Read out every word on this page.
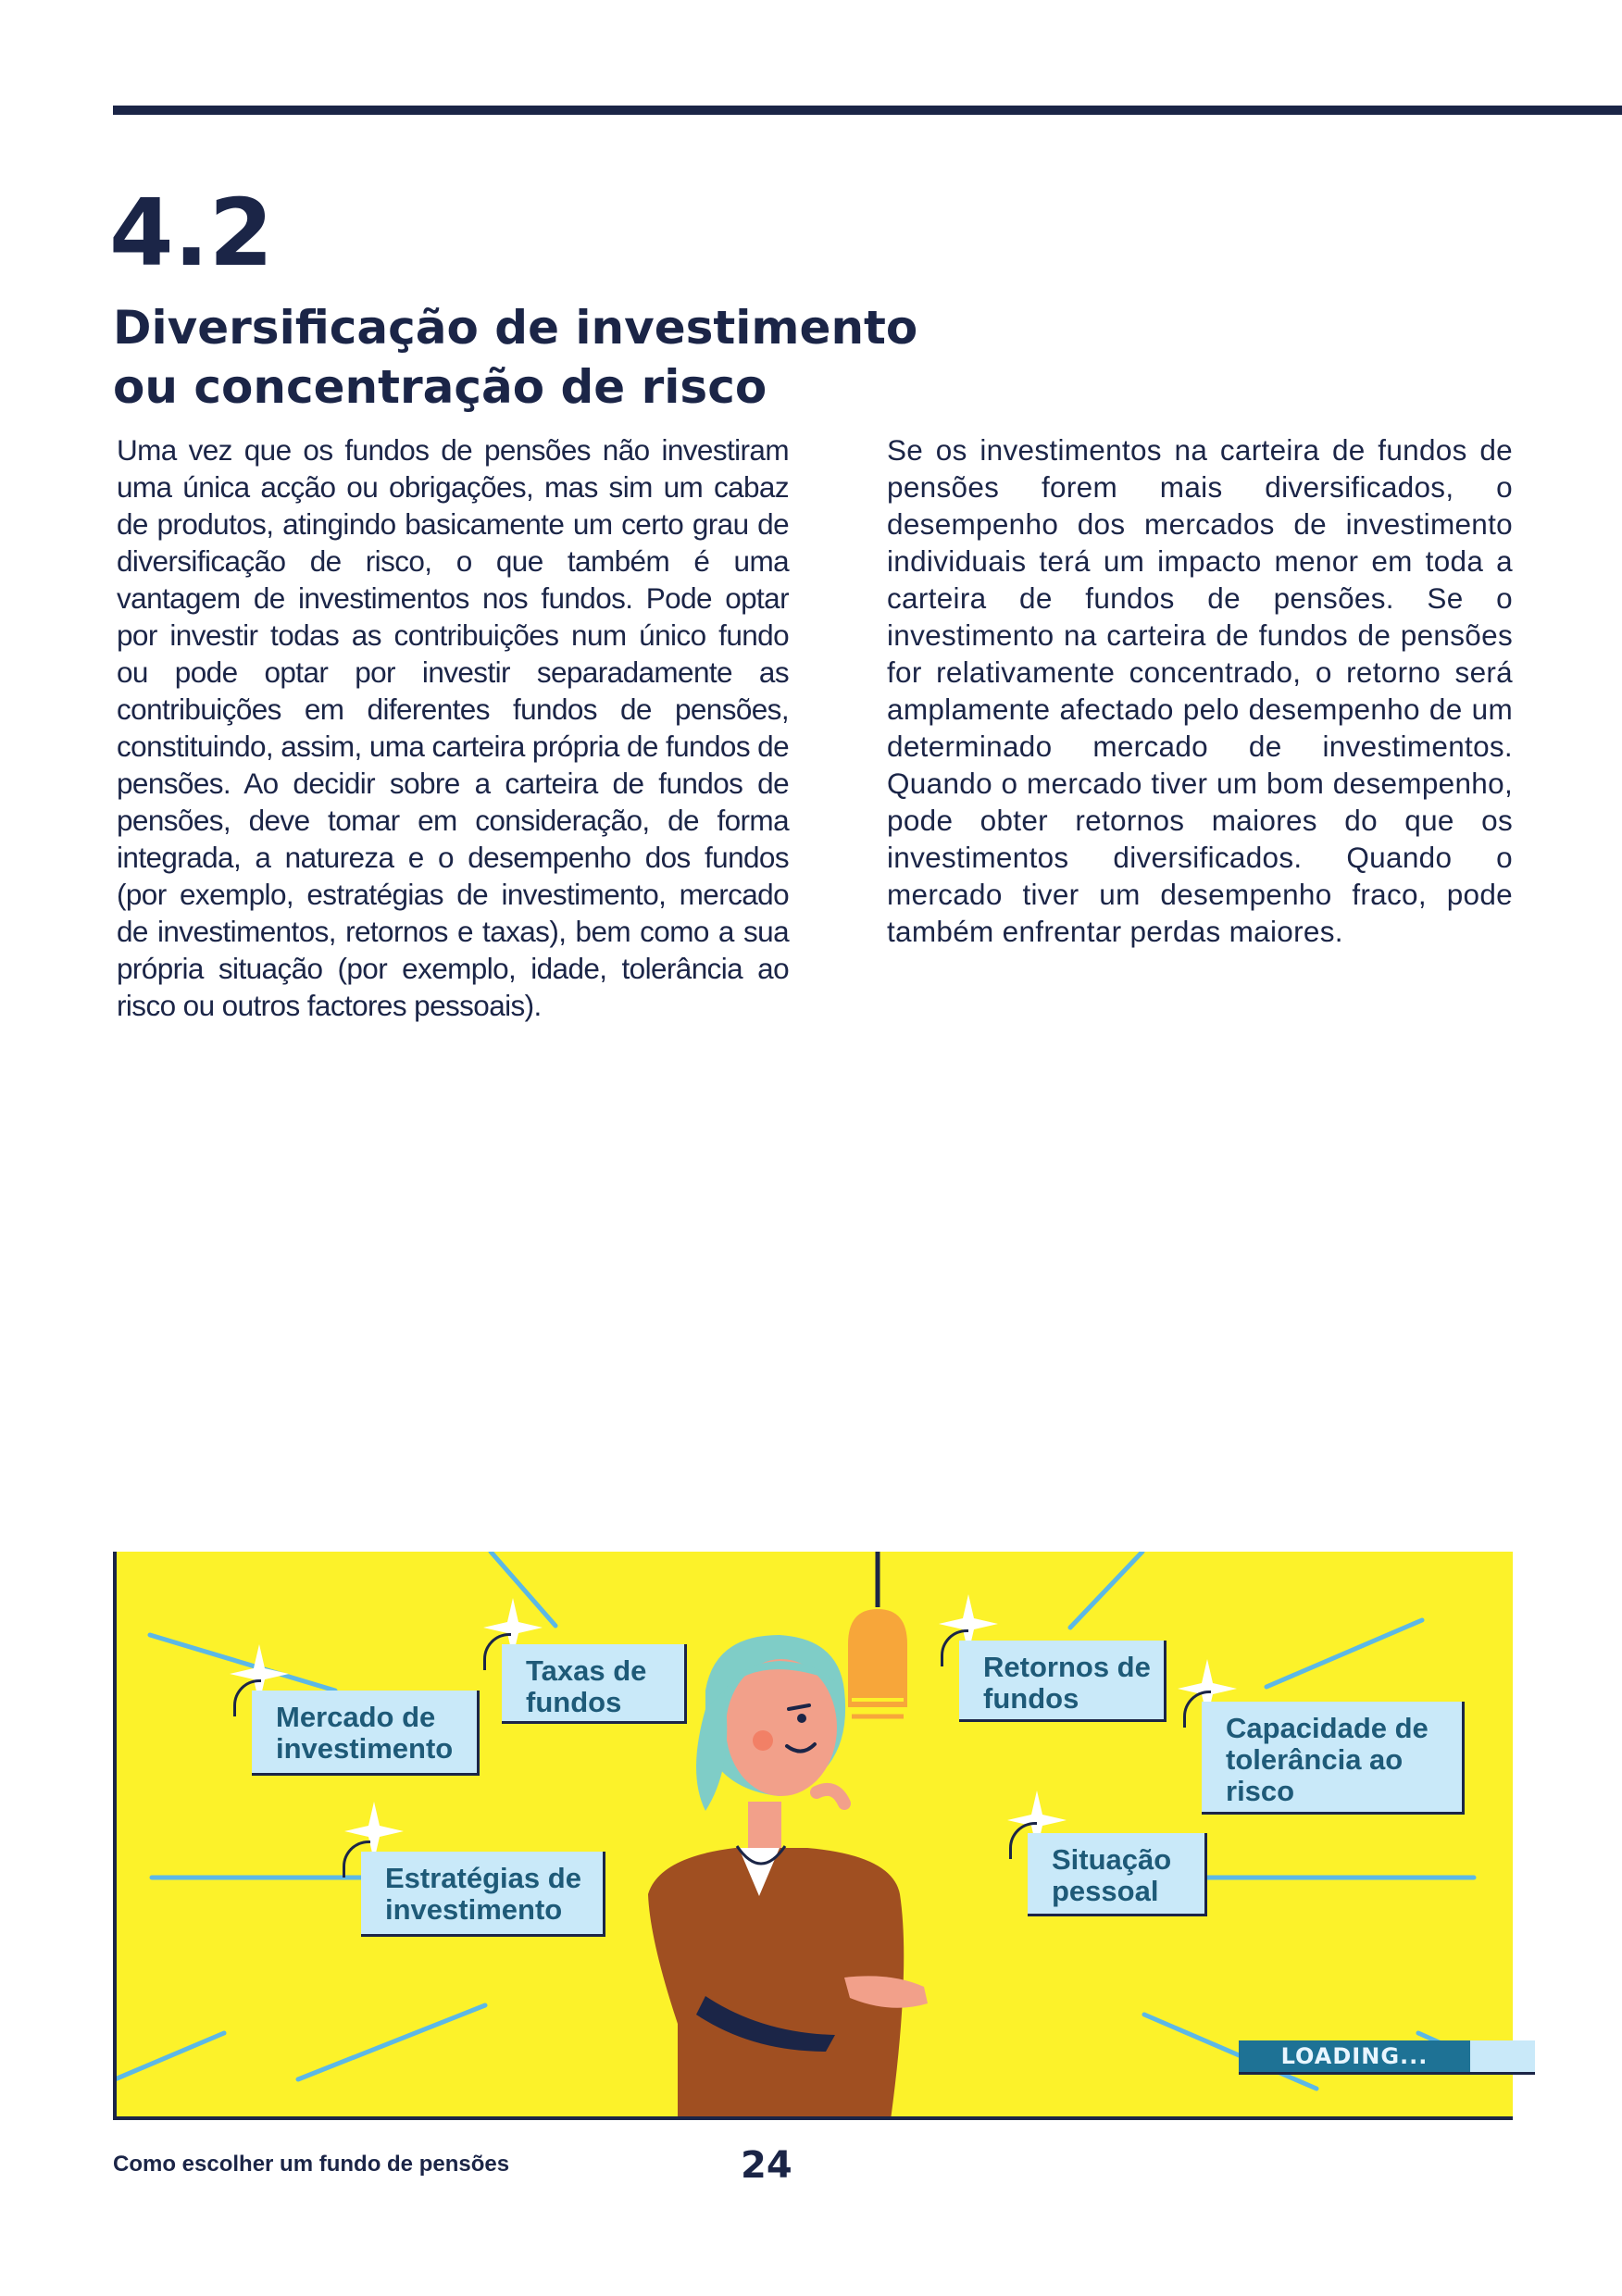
4.2
Diversificação de investimento
ou concentração de risco

Uma vez que os fundos de pensões não investiram uma única acção ou obrigações, mas sim um cabaz de produtos, atingindo basicamente um certo grau de diversificação de risco, o que também é uma vantagem de investimentos nos fundos. Pode optar por investir todas as contribuições num único fundo ou pode optar por investir separadamente as contribuições em diferentes fundos de pensões, constituindo, assim, uma carteira própria de fundos de pensões. Ao decidir sobre a carteira de fundos de pensões, deve tomar em consideração, de forma integrada, a natureza e o desempenho dos fundos (por exemplo, estratégias de investimento, mercado de investimentos, retornos e taxas), bem como a sua própria situação (por exemplo, idade, tolerância ao risco ou outros factores pessoais).

Se os investimentos na carteira de fundos de pensões forem mais diversificados, o desempenho dos mercados de investimento individuais terá um impacto menor em toda a carteira de fundos de pensões. Se o investimento na carteira de fundos de pensões for relativamente concentrado, o retorno será amplamente afectado pelo desempenho de um determinado mercado de investimentos. Quando o mercado tiver um bom desempenho, pode obter retornos maiores do que os investimentos diversificados. Quando o mercado tiver um desempenho fraco, pode também enfrentar perdas maiores.

Mercado de
investimento
Taxas de
fundos
Estratégias de
investimento
Retornos de
fundos
Capacidade de
tolerância ao
risco
Situação
pessoal
LOADING...
Como escolher um fundo de pensões	24
